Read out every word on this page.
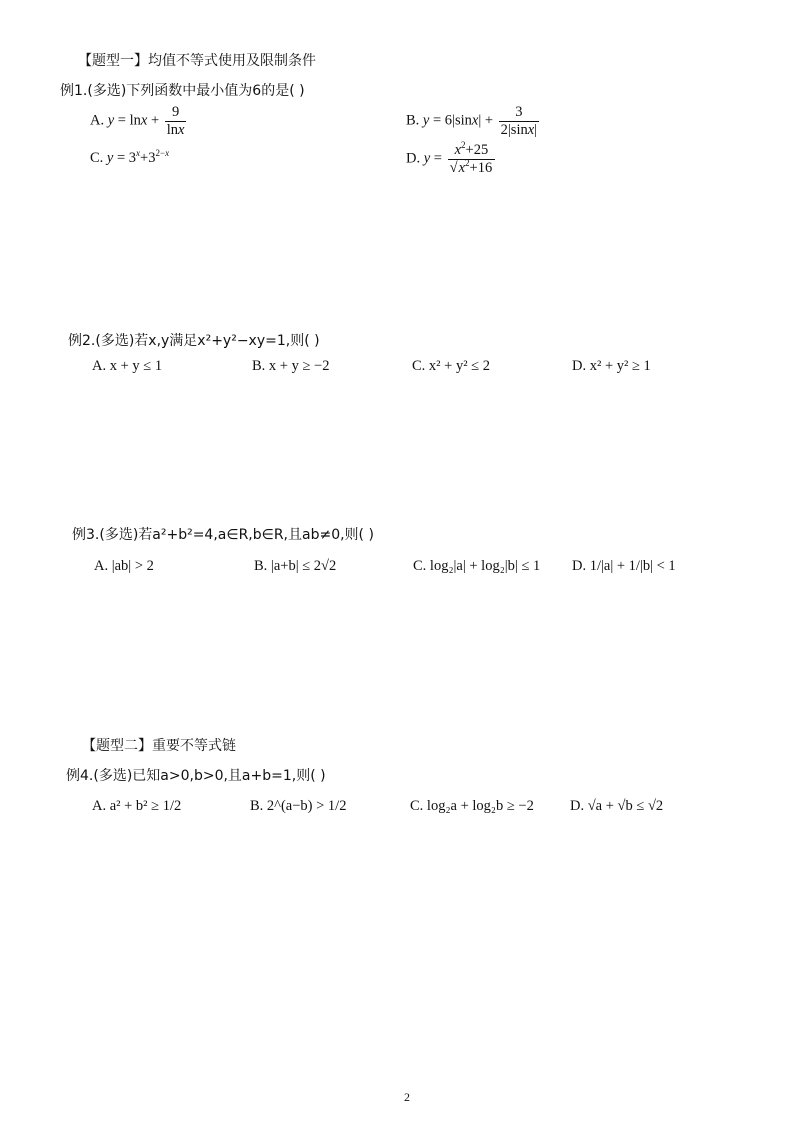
【题型一】均值不等式使用及限制条件
例1.(多选)下列函数中最小值为6的是( )
A. $y = \ln x + \frac{9}{\ln x}$	B. $y = 6|\sin x| + \frac{3}{2|\sin x|}$
C. $y = 3^x+3^{2-x}$	D. $y = \frac{x^2+25}{√x^2+16}$
例2.(多选)若x,y满足x²+y²−xy=1,则( )
A. x + y ≤ 1	B. x + y ≥ −2	C. x² + y² ≤ 2	D. x² + y² ≥ 1
例3.(多选)若a²+b²=4,a∈R,b∈R,且ab≠0,则( )
A. |ab| > 2	B. |a+b| ≤ 2√2	C. log₂|a| + log₂|b| ≤ 1 D. 1/|a| + 1/|b| < 1
【题型二】重要不等式链
例4.(多选)已知a>0,b>0,且a+b=1,则( )
A. a² + b² ≥ 1/2	B. 2^(a−b) > 1/2	C. log₂a + log₂b ≥ −2 D. √a + √b ≤ √2
2
